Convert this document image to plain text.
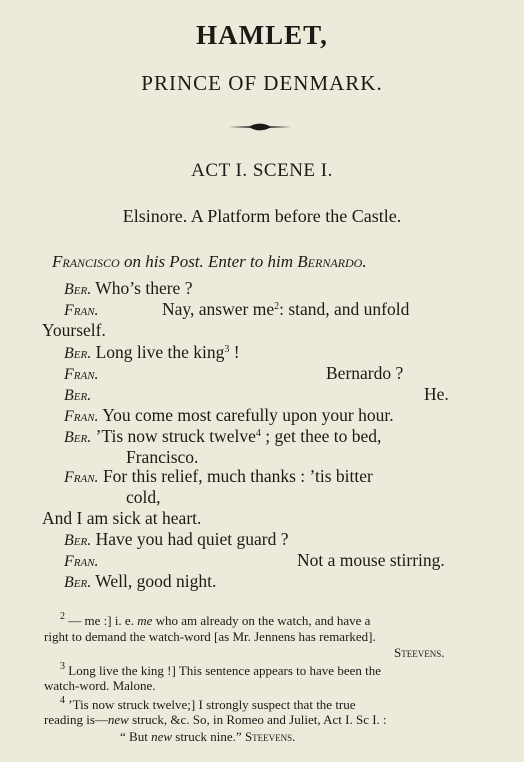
HAMLET,
PRINCE OF DENMARK.
ACT I. SCENE I.
Elsinore. A Platform before the Castle.
Francisco on his Post. Enter to him Bernardo.
Ber. Who’s there ?
Fran.	Nay, answer $me^2$: stand, and unfold
Yourself.
Ber. Long live the king$^3$ !
Fran.	Bernardo ?
Ber.	He.
Fran. You come most carefully upon your hour.
Ber. ’Tis now struck twelve$^4$ ; get thee to bed,
Francisco.
Fran. For this relief, much thanks : ’tis bitter
cold,
And I am sick at heart.
Ber. Have you had quiet guard ?
Fran.	Not a mouse stirring.
Ber. Well, good night.
$^2$ — me :] i. e. me who am already on the watch, and have a
right to demand the watch-word [as Mr. Jennens has remarked].
Steevens.
$^3$ Long live the king !] This sentence appears to have been the
watch-word. Malone.
$^4$ ’Tis now struck twelve;] I strongly suspect that the true
reading is—new struck, &c. So, in Romeo and Juliet, Act I. Sc I. :
“ But new struck nine.” Steevens.
